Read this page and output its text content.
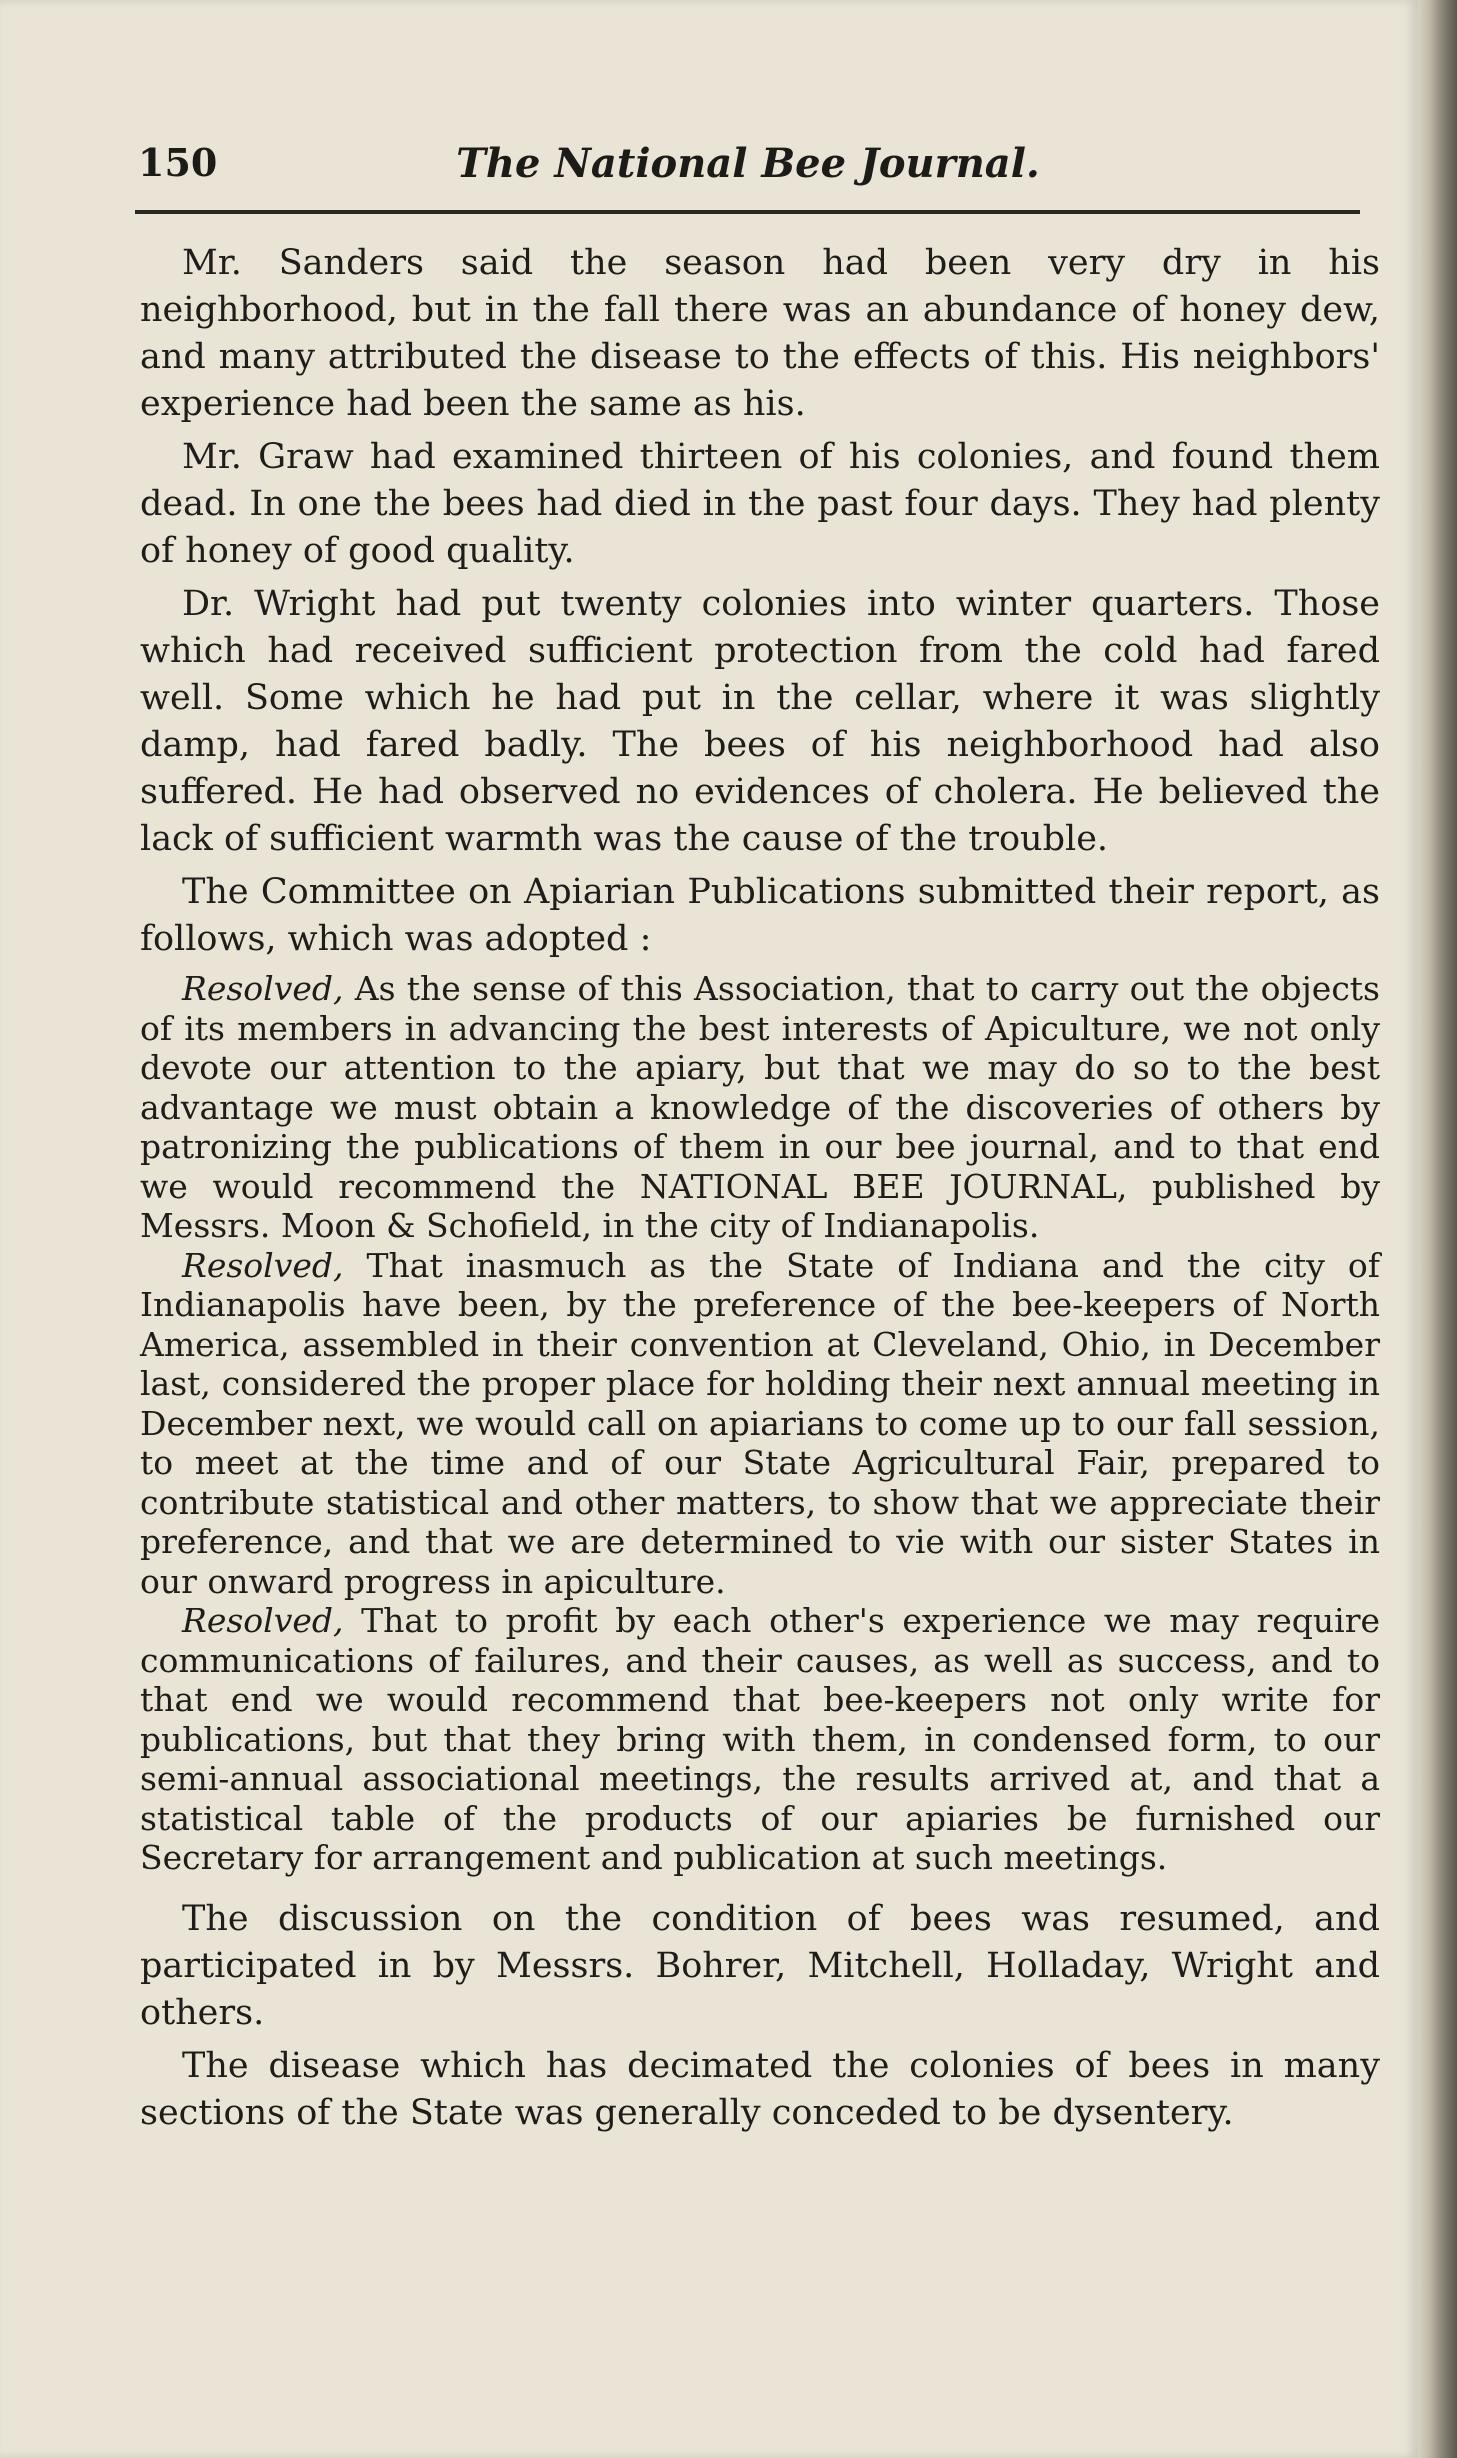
150	The National Bee Journal.

Mr. Sanders said the season had been very dry in his neighborhood, but in the fall there was an abundance of honey dew, and many attributed the disease to the effects of this. His neighbors' experience had been the same as his.

Mr. Graw had examined thirteen of his colonies, and found them dead. In one the bees had died in the past four days. They had plenty of honey of good quality.

Dr. Wright had put twenty colonies into winter quarters. Those which had received sufficient protection from the cold had fared well. Some which he had put in the cellar, where it was slightly damp, had fared badly. The bees of his neighborhood had also suffered. He had observed no evidences of cholera. He believed the lack of sufficient warmth was the cause of the trouble.

The Committee on Apiarian Publications submitted their report, as follows, which was adopted :

Resolved, As the sense of this Association, that to carry out the objects of its members in advancing the best interests of Apiculture, we not only devote our attention to the apiary, but that we may do so to the best advantage we must obtain a knowledge of the discoveries of others by patronizing the publications of them in our bee journal, and to that end we would recommend the NATIONAL BEE JOURNAL, published by Messrs. Moon & Schofield, in the city of Indianapolis.

Resolved, That inasmuch as the State of Indiana and the city of Indianapolis have been, by the preference of the bee-keepers of North America, assembled in their convention at Cleveland, Ohio, in December last, considered the proper place for holding their next annual meeting in December next, we would call on apiarians to come up to our fall session, to meet at the time and of our State Agricultural Fair, prepared to contribute statistical and other matters, to show that we appreciate their preference, and that we are determined to vie with our sister States in our onward progress in apiculture.

Resolved, That to profit by each other's experience we may require communications of failures, and their causes, as well as success, and to that end we would recommend that bee-keepers not only write for publications, but that they bring with them, in condensed form, to our semi-annual associational meetings, the results arrived at, and that a statistical table of the products of our apiaries be furnished our Secretary for arrangement and publication at such meetings.

The discussion on the condition of bees was resumed, and participated in by Messrs. Bohrer, Mitchell, Holladay, Wright and others.

The disease which has decimated the colonies of bees in many sections of the State was generally conceded to be dysentery.
